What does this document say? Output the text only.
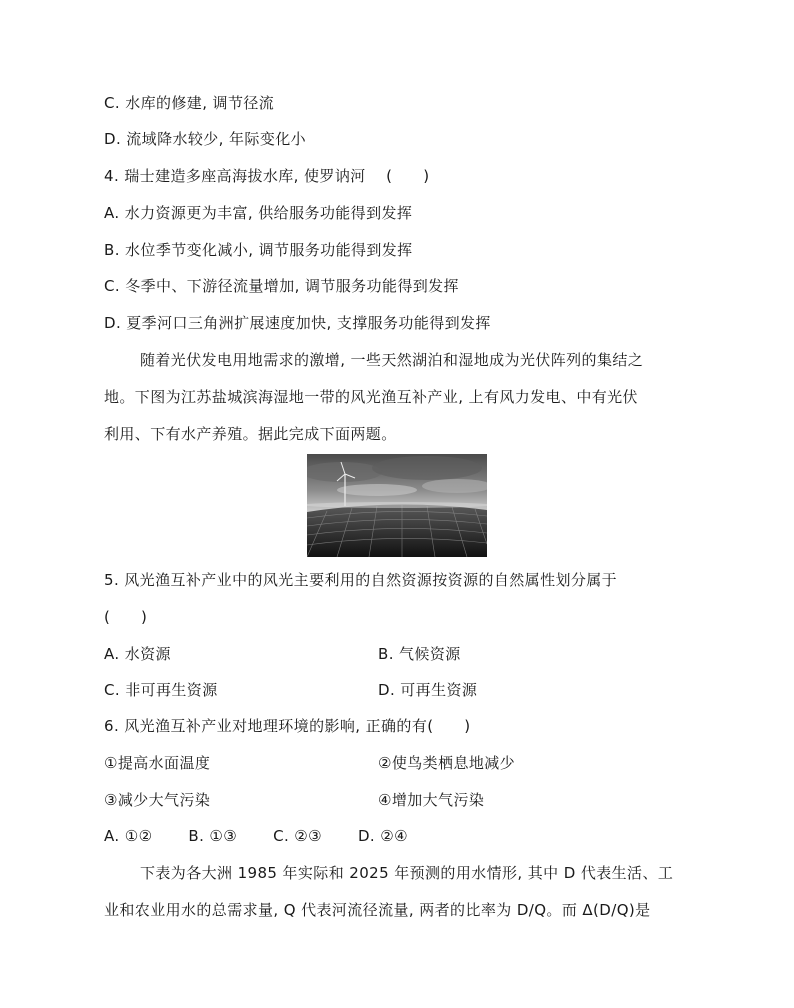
C. 水库的修建, 调节径流
D. 流域降水较少, 年际变化小
4. 瑞士建造多座高海拔水库, 使罗讷河　 (　　)
A. 水力资源更为丰富, 供给服务功能得到发挥
B. 水位季节变化减小, 调节服务功能得到发挥
C. 冬季中、下游径流量增加, 调节服务功能得到发挥
D. 夏季河口三角洲扩展速度加快, 支撑服务功能得到发挥
随着光伏发电用地需求的激增, 一些天然湖泊和湿地成为光伏阵列的集结之
地。下图为江苏盐城滨海湿地一带的风光渔互补产业, 上有风力发电、中有光伏
利用、下有水产养殖。据此完成下面两题。
5. 风光渔互补产业中的风光主要利用的自然资源按资源的自然属性划分属于
(　　)
A. 水资源	B. 气候资源
C. 非可再生资源	D. 可再生资源
6. 风光渔互补产业对地理环境的影响, 正确的有(　　)
①提高水面温度	②使鸟类栖息地减少
③减少大气污染	④增加大气污染
A. ①②　　 B. ①③　　 C. ②③　　 D. ②④
下表为各大洲 1985 年实际和 2025 年预测的用水情形, 其中 D 代表生活、工
业和农业用水的总需求量, Q 代表河流径流量, 两者的比率为 D/Q。而 Δ(D/Q)是
